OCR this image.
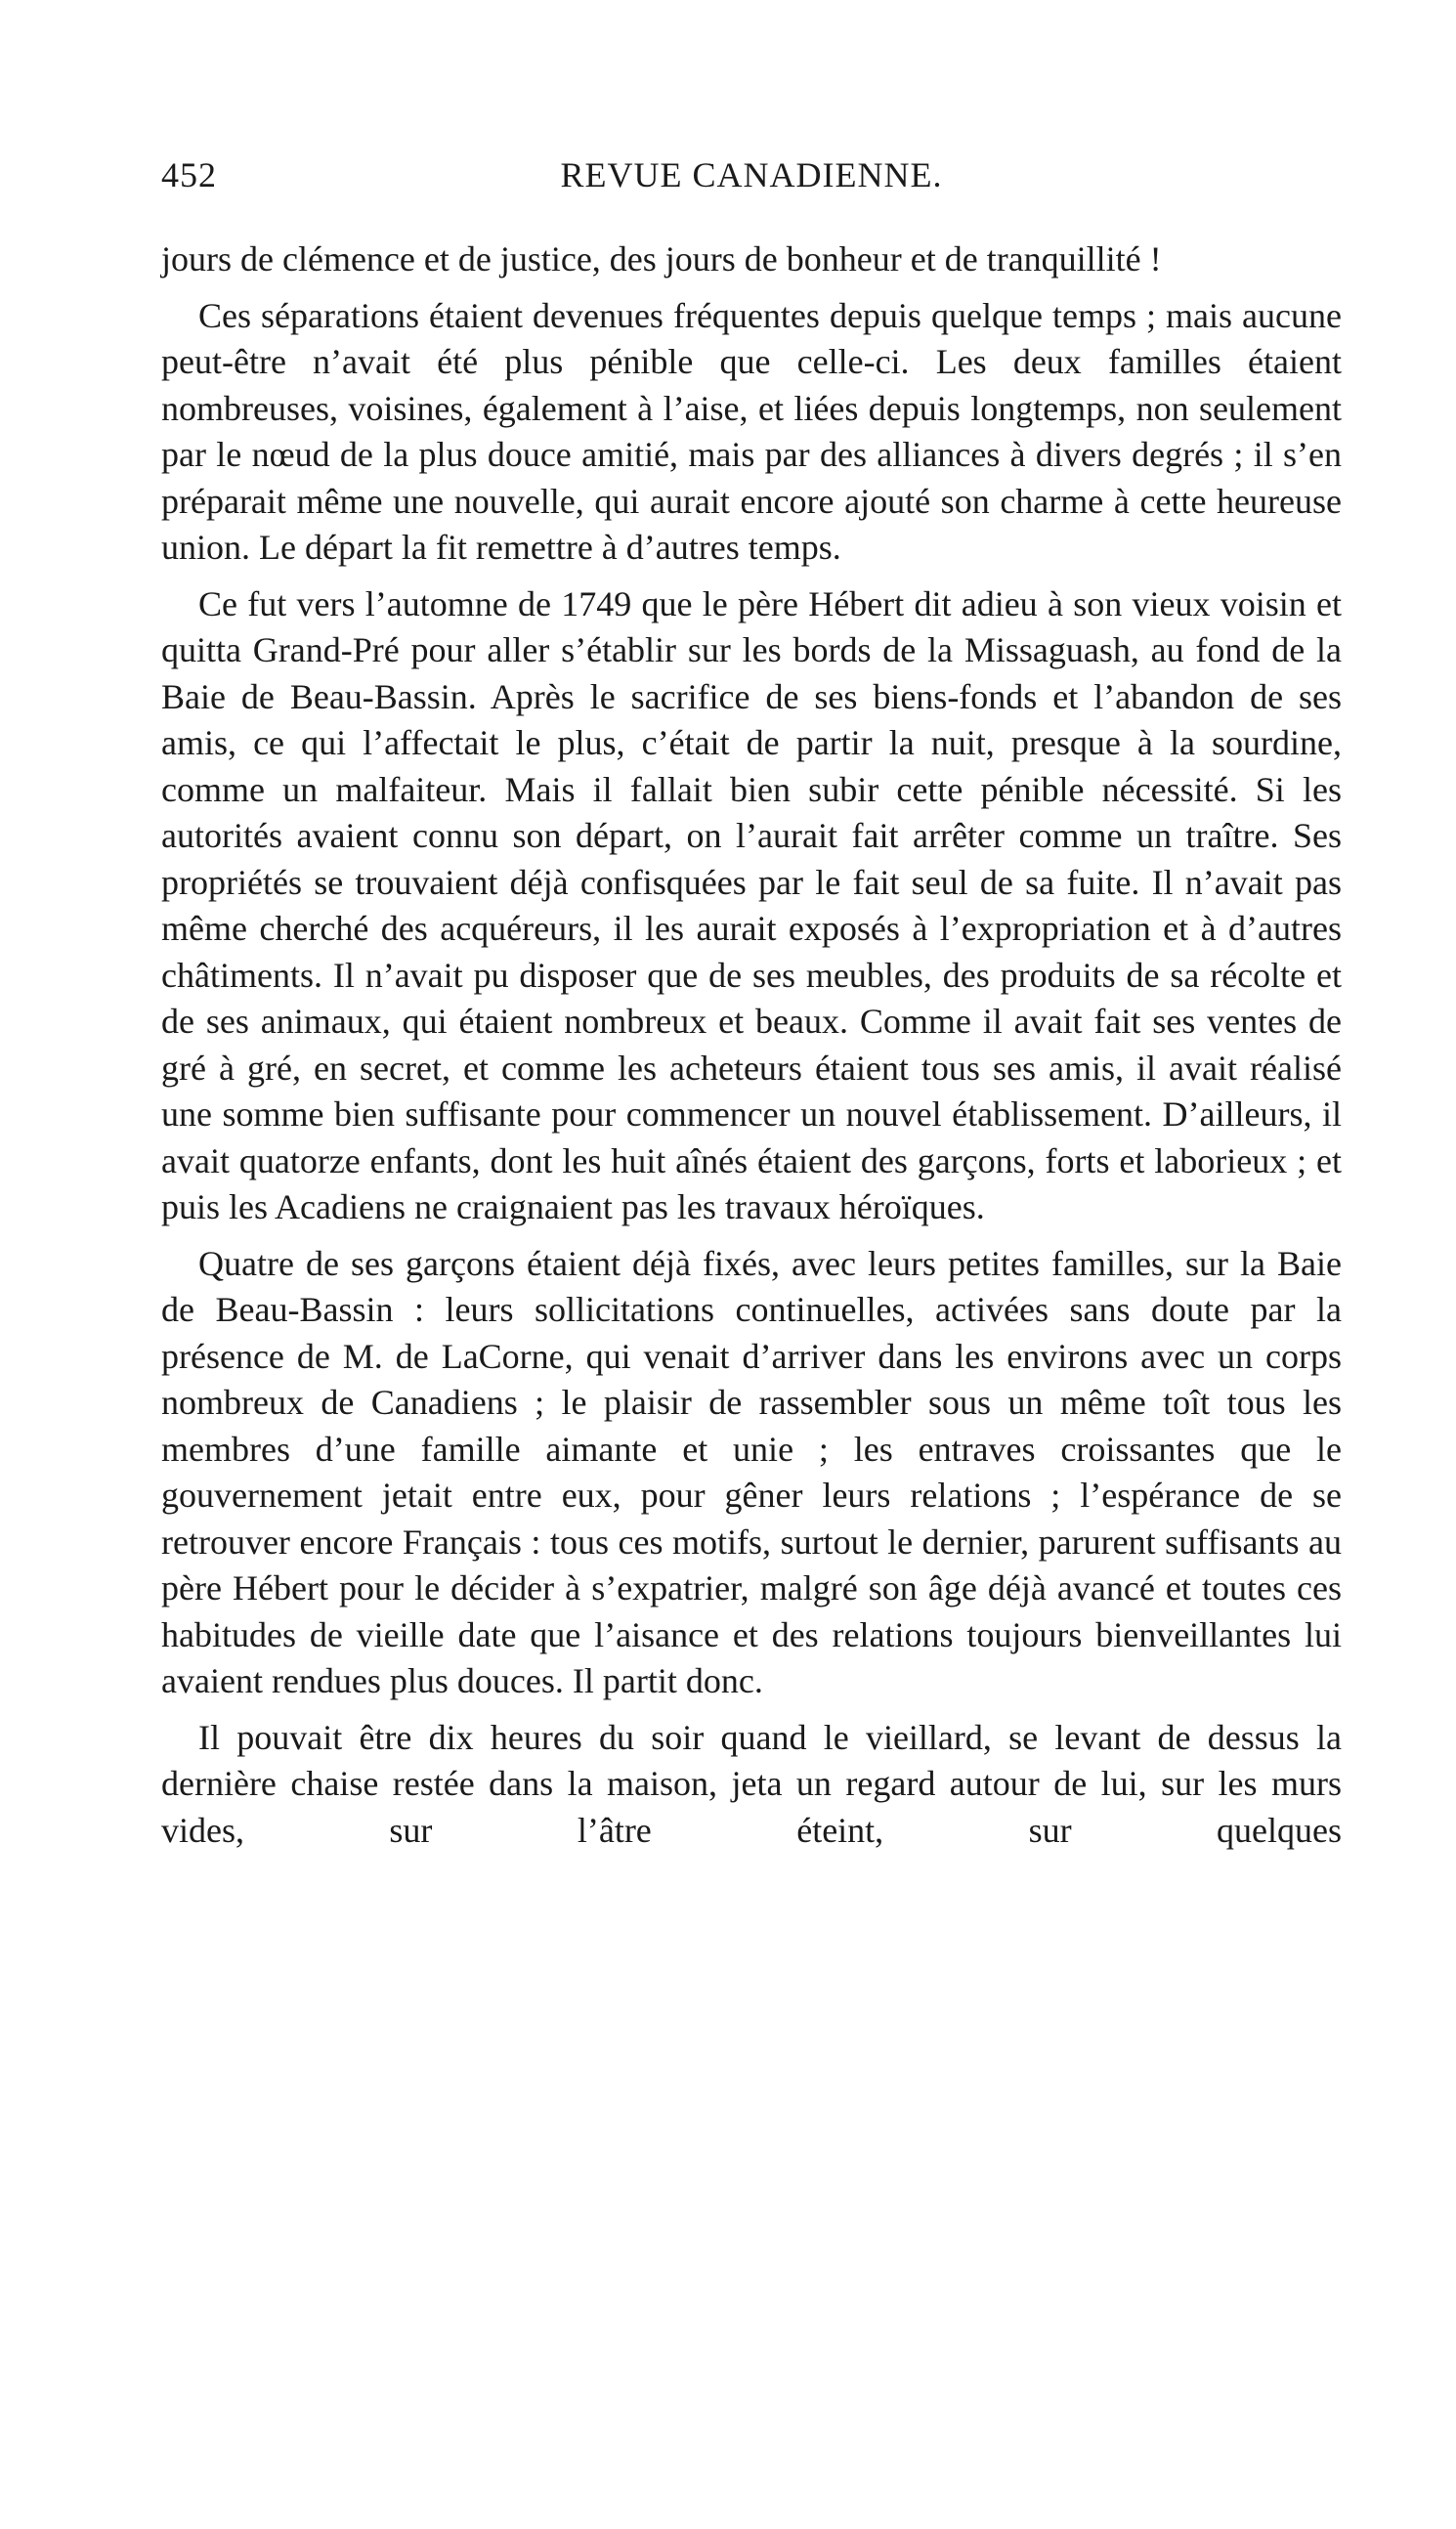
452	REVUE CANADIENNE.

jours de clémence et de justice, des jours de bonheur et de tranquillité !

Ces séparations étaient devenues fréquentes depuis quelque temps ; mais aucune peut-être n’avait été plus pénible que celle-ci. Les deux familles étaient nombreuses, voisines, également à l’aise, et liées depuis longtemps, non seulement par le nœud de la plus douce amitié, mais par des alliances à divers degrés ; il s’en préparait même une nouvelle, qui aurait encore ajouté son charme à cette heureuse union. Le départ la fit remettre à d’autres temps.

Ce fut vers l’automne de 1749 que le père Hébert dit adieu à son vieux voisin et quitta Grand-Pré pour aller s’établir sur les bords de la Missaguash, au fond de la Baie de Beau-Bassin. Après le sacrifice de ses biens-fonds et l’abandon de ses amis, ce qui l’affectait le plus, c’était de partir la nuit, presque à la sourdine, comme un malfaiteur. Mais il fallait bien subir cette pénible nécessité. Si les autorités avaient connu son départ, on l’aurait fait arrêter comme un traître. Ses propriétés se trouvaient déjà confisquées par le fait seul de sa fuite. Il n’avait pas même cherché des acquéreurs, il les aurait exposés à l’expropriation et à d’autres châtiments. Il n’avait pu disposer que de ses meubles, des produits de sa récolte et de ses animaux, qui étaient nombreux et beaux. Comme il avait fait ses ventes de gré à gré, en secret, et comme les acheteurs étaient tous ses amis, il avait réalisé une somme bien suffisante pour commencer un nouvel établissement. D’ailleurs, il avait quatorze enfants, dont les huit aînés étaient des garçons, forts et laborieux ; et puis les Acadiens ne craignaient pas les travaux héroïques.

Quatre de ses garçons étaient déjà fixés, avec leurs petites familles, sur la Baie de Beau-Bassin : leurs sollicitations continuelles, activées sans doute par la présence de M. de LaCorne, qui venait d’arriver dans les environs avec un corps nombreux de Canadiens ; le plaisir de rassembler sous un même toît tous les membres d’une famille aimante et unie ; les entraves croissantes que le gouvernement jetait entre eux, pour gêner leurs relations ; l’espérance de se retrouver encore Français : tous ces motifs, surtout le dernier, parurent suffisants au père Hébert pour le décider à s’expatrier, malgré son âge déjà avancé et toutes ces habitudes de vieille date que l’aisance et des relations toujours bienveillantes lui avaient rendues plus douces. Il partit donc.

Il pouvait être dix heures du soir quand le vieillard, se levant de dessus la dernière chaise restée dans la maison, jeta un regard autour de lui, sur les murs vides, sur l’âtre éteint, sur quelques
